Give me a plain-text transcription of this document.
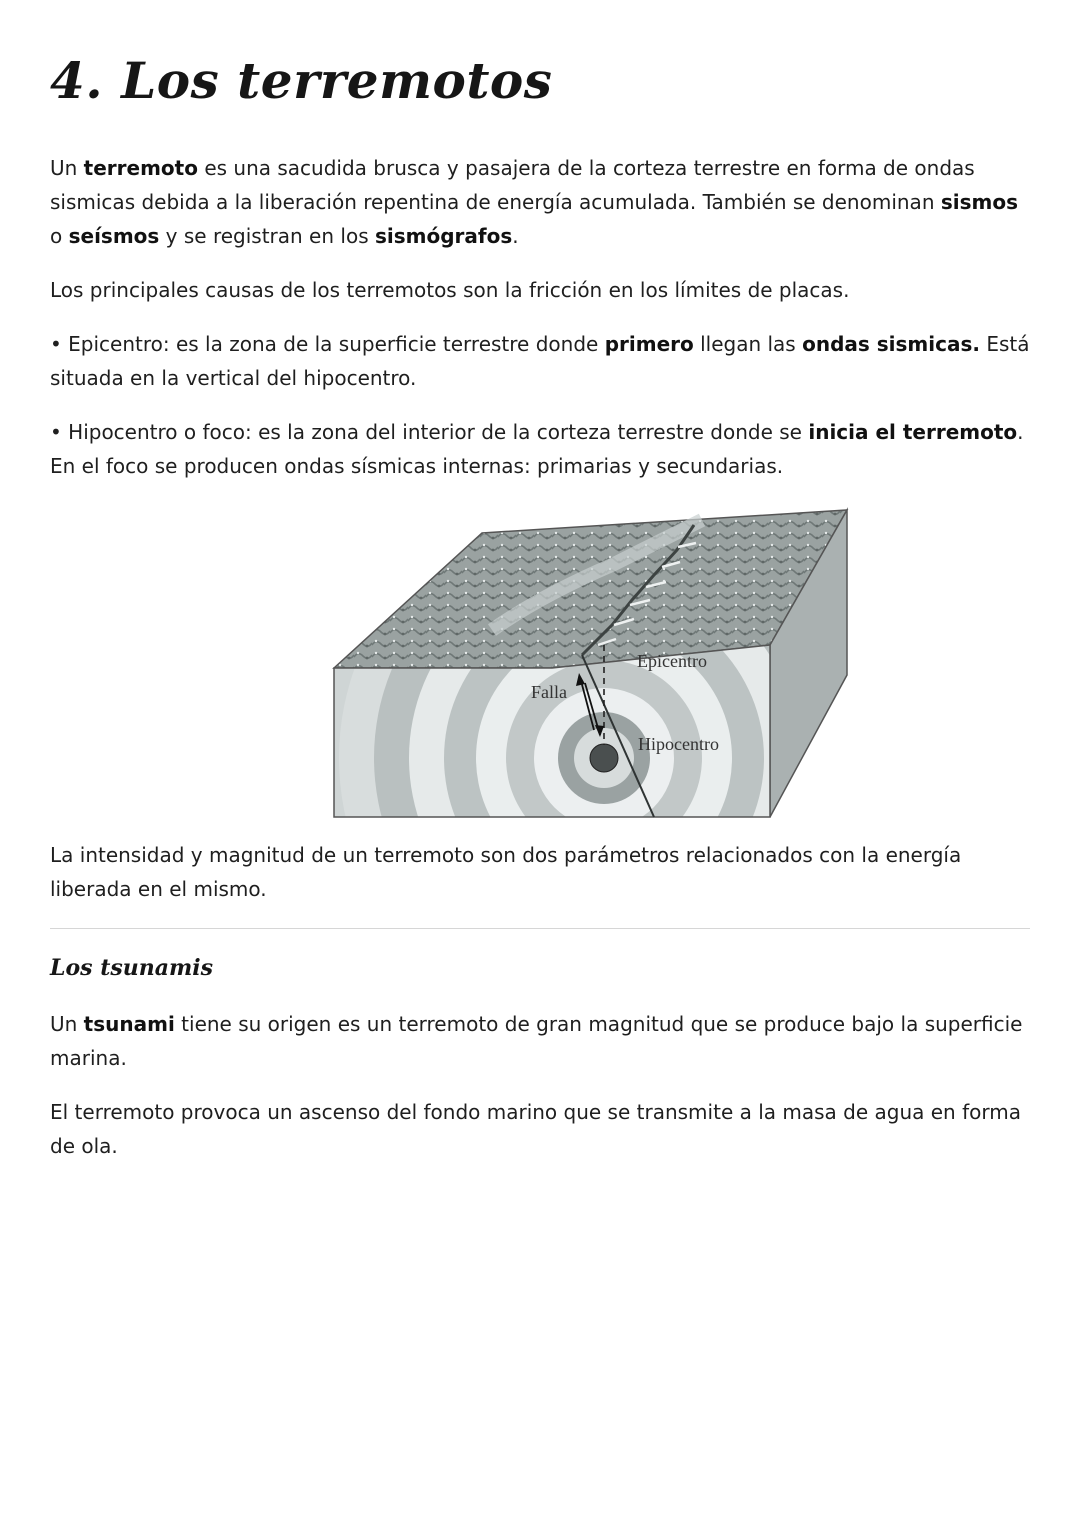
4. Los terremotos

Un terremoto es una sacudida brusca y pasajera de la corteza terrestre en forma de ondas sismicas debida a la liberación repentina de energía acumulada. También se denominan sismos o seísmos y se registran en los sismógrafos.

Los principales causas de los terremotos son la fricción en los límites de placas.

• Epicentro: es la zona de la superficie terrestre donde primero llegan las ondas sismicas. Está situada en la vertical del hipocentro.

• Hipocentro o foco: es la zona del interior de la corteza terrestre donde se inicia el terremoto. En el foco se producen ondas sísmicas internas: primarias y secundarias.

Epicentro
Falla
Hipocentro

La intensidad y magnitud de un terremoto son dos parámetros relacionados con la energía liberada en el mismo.

Los tsunamis

Un tsunami tiene su origen es un terremoto de gran magnitud que se produce bajo la superficie marina.

El terremoto provoca un ascenso del fondo marino que se transmite a la masa de agua en forma de ola.
